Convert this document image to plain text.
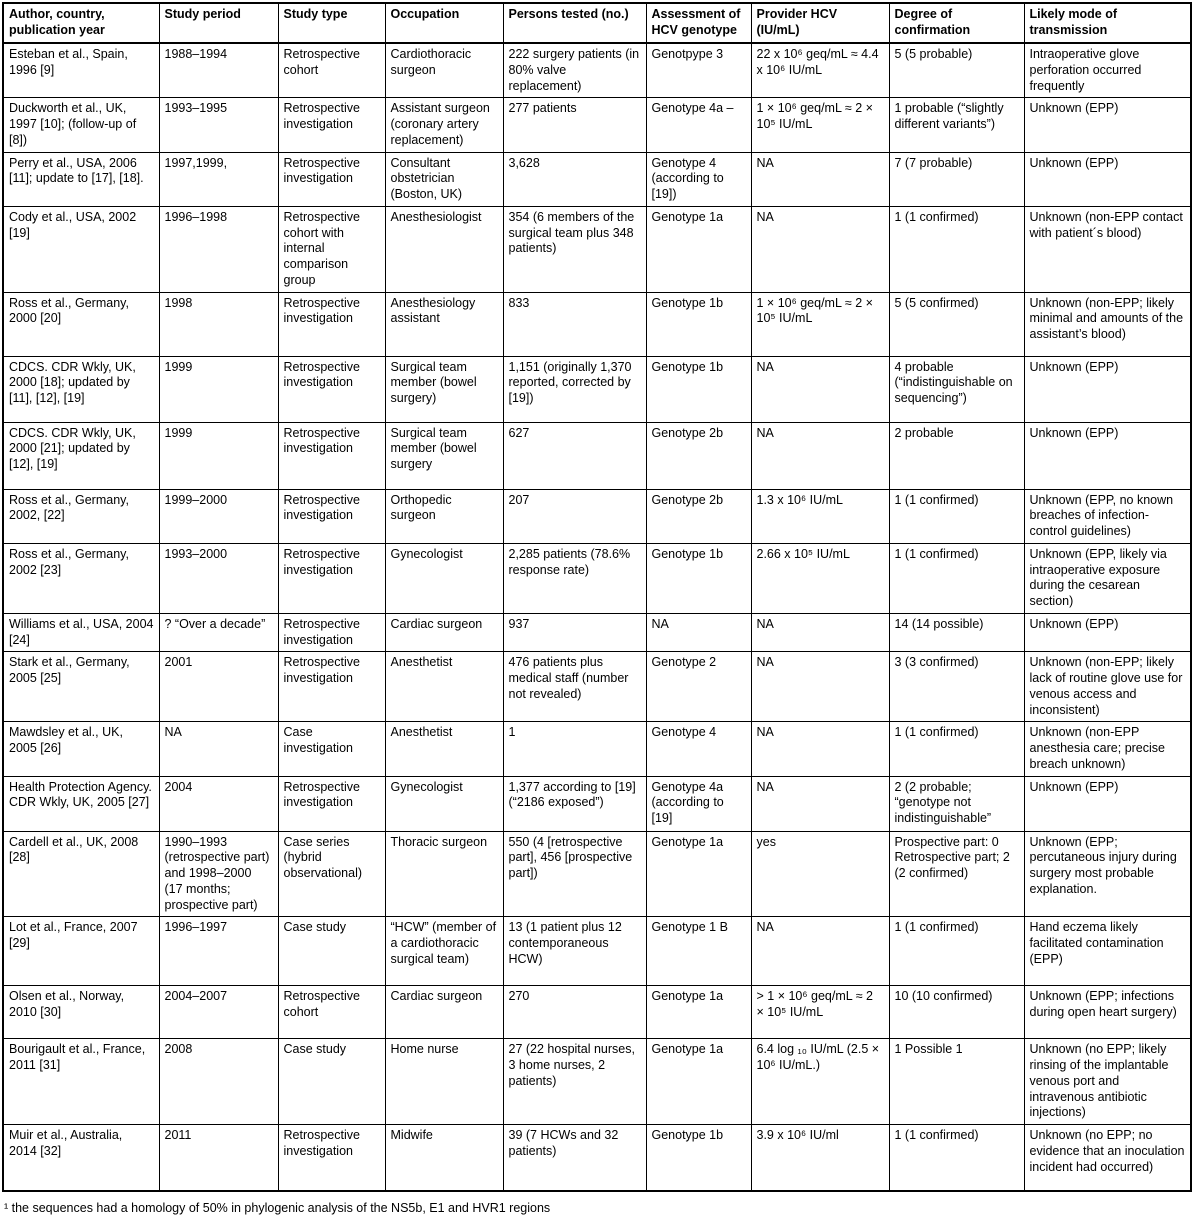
Author, country, publication year	Study period	Study type	Occupation	Persons tested (no.)	Assessment of HCV genotype	Provider HCV (IU/mL)	Degree of confirmation	Likely mode of transmission
Esteban et al., Spain, 1996 [9]	1988–1994	Retrospective cohort	Cardiothoracic surgeon	222 surgery patients (in 80% valve replacement)	Genotpype 3	22 x 10⁶ geq/mL ≈ 4.4 x 10⁶ IU/mL	5 (5 probable)	Intraoperative glove perforation occurred frequently
Duckworth et al., UK, 1997 [10]; (follow-up of [8])	1993–1995	Retrospective investigation	Assistant surgeon (coronary artery replacement)	277 patients	Genotype 4a –	1 × 10⁶ geq/mL ≈ 2 × 10⁵ IU/mL	1 probable (“slightly different variants”)	Unknown (EPP)
Perry et al., USA, 2006 [11]; update to [17], [18].	1997,1999,	Retrospective investigation	Consultant obstetrician (Boston, UK)	3,628	Genotype 4 (according to [19])	NA	7 (7 probable)	Unknown (EPP)
Cody et al., USA, 2002 [19]	1996–1998	Retrospective cohort with internal comparison group	Anesthesiologist	354 (6 members of the surgical team plus 348 patients)	Genotype 1a	NA	1 (1 confirmed)	Unknown (non-EPP contact with patient´s blood)
Ross et al., Germany, 2000 [20]	1998	Retrospective investigation	Anesthesiology assistant	833	Genotype 1b	1 × 10⁶ geq/mL ≈ 2 × 10⁵ IU/mL	5 (5 confirmed)	Unknown (non-EPP; likely minimal and amounts of the assistant’s blood)
CDCS. CDR Wkly, UK, 2000 [18]; updated by [11], [12], [19]	1999	Retrospective investigation	Surgical team member (bowel surgery)	1,151 (originally 1,370 reported, corrected by [19])	Genotype 1b	NA	4 probable (“indistinguishable on sequencing”)	Unknown (EPP)
CDCS. CDR Wkly, UK, 2000 [21]; updated by [12], [19]	1999	Retrospective investigation	Surgical team member (bowel surgery	627	Genotype 2b	NA	2 probable	Unknown (EPP)
Ross et al., Germany, 2002, [22]	1999–2000	Retrospective investigation	Orthopedic surgeon	207	Genotype 2b	1.3 x 10⁶ IU/mL	1 (1 confirmed)	Unknown (EPP, no known breaches of infection-control guidelines)
Ross et al., Germany, 2002 [23]	1993–2000	Retrospective investigation	Gynecologist	2,285 patients (78.6% response rate)	Genotype 1b	2.66 x 10⁵ IU/mL	1 (1 confirmed)	Unknown (EPP, likely via intraoperative exposure during the cesarean section)
Williams et al., USA, 2004 [24]	? “Over a decade”	Retrospective investigation	Cardiac surgeon	937	NA	NA	14 (14 possible)	Unknown (EPP)
Stark et al., Germany, 2005 [25]	2001	Retrospective investigation	Anesthetist	476 patients plus medical staff (number not revealed)	Genotype 2	NA	3 (3 confirmed)	Unknown (non-EPP; likely lack of routine glove use for venous access and inconsistent)
Mawdsley et al., UK, 2005 [26]	NA	Case investigation	Anesthetist	1	Genotype 4	NA	1 (1 confirmed)	Unknown (non-EPP anesthesia care; precise breach unknown)
Health Protection Agency. CDR Wkly, UK, 2005 [27]	2004	Retrospective investigation	Gynecologist	1,377 according to [19] (“2186 exposed”)	Genotype 4a (according to [19]	NA	2 (2 probable; “genotype not indistinguishable”	Unknown (EPP)
Cardell et al., UK, 2008 [28]	1990–1993 (retrospective part) and 1998–2000 (17 months; prospective part)	Case series (hybrid observational)	Thoracic surgeon	550 (4 [retrospective part], 456 [prospective part])	Genotype 1a	yes	Prospective part: 0 Retrospective part; 2 (2 confirmed)	Unknown (EPP; percutaneous injury during surgery most probable explanation.
Lot et al., France, 2007 [29]	1996–1997	Case study	“HCW” (member of a cardiothoracic surgical team)	13 (1 patient plus 12 contemporaneous HCW)	Genotype 1 B	NA	1 (1 confirmed)	Hand eczema likely facilitated contamination (EPP)
Olsen et al., Norway, 2010 [30]	2004–2007	Retrospective cohort	Cardiac surgeon	270	Genotype 1a	> 1 × 10⁶ geq/mL ≈ 2 × 10⁵ IU/mL	10 (10 confirmed)	Unknown (EPP; infections during open heart surgery)
Bourigault et al., France, 2011 [31]	2008	Case study	Home nurse	27 (22 hospital nurses, 3 home nurses, 2 patients)	Genotype 1a	6.4 log ₁₀ IU/mL (2.5 × 10⁶ IU/mL.)	1 Possible 1	Unknown (no EPP; likely rinsing of the implantable venous port and intravenous antibiotic injections)
Muir et al., Australia, 2014 [32]	2011	Retrospective investigation	Midwife	39 (7 HCWs and 32 patients)	Genotype 1b	3.9 x 10⁶ IU/ml	1 (1 confirmed)	Unknown (no EPP; no evidence that an inoculation incident had occurred)
¹ the sequences had a homology of 50% in phylogenic analysis of the NS5b, E1 and HVR1 regions
